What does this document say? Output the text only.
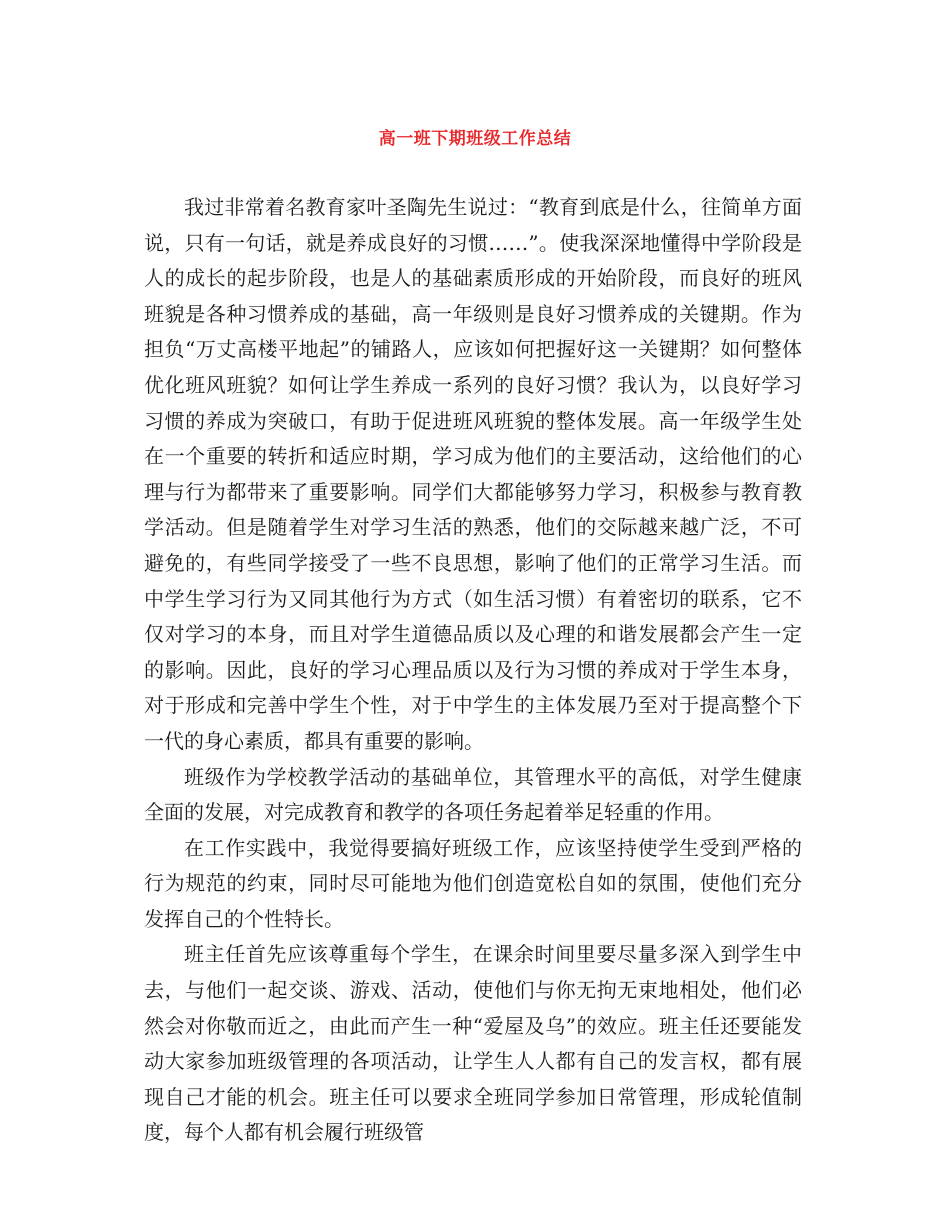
高一班下期班级工作总结

我过非常着名教育家叶圣陶先生说过：“教育到底是什么，往简单方面说，只有一句话，就是养成良好的习惯……”。使我深深地懂得中学阶段是人的成长的起步阶段，也是人的基础素质形成的开始阶段，而良好的班风班貌是各种习惯养成的基础，高一年级则是良好习惯养成的关键期。作为担负“万丈高楼平地起”的铺路人，应该如何把握好这一关键期？如何整体优化班风班貌？如何让学生养成一系列的良好习惯？我认为，以良好学习习惯的养成为突破口，有助于促进班风班貌的整体发展。高一年级学生处在一个重要的转折和适应时期，学习成为他们的主要活动，这给他们的心理与行为都带来了重要影响。同学们大都能够努力学习，积极参与教育教学活动。但是随着学生对学习生活的熟悉，他们的交际越来越广泛，不可避免的，有些同学接受了一些不良思想，影响了他们的正常学习生活。而中学生学习行为又同其他行为方式（如生活习惯）有着密切的联系，它不仅对学习的本身，而且对学生道德品质以及心理的和谐发展都会产生一定的影响。因此，良好的学习心理品质以及行为习惯的养成对于学生本身，对于形成和完善中学生个性，对于中学生的主体发展乃至对于提高整个下一代的身心素质，都具有重要的影响。

班级作为学校教学活动的基础单位，其管理水平的高低，对学生健康全面的发展，对完成教育和教学的各项任务起着举足轻重的作用。

在工作实践中，我觉得要搞好班级工作，应该坚持使学生受到严格的行为规范的约束，同时尽可能地为他们创造宽松自如的氛围，使他们充分发挥自己的个性特长。

班主任首先应该尊重每个学生，在课余时间里要尽量多深入到学生中去，与他们一起交谈、游戏、活动，使他们与你无拘无束地相处，他们必然会对你敬而近之，由此而产生一种“爱屋及乌”的效应。班主任还要能发动大家参加班级管理的各项活动，让学生人人都有自己的发言权，都有展现自己才能的机会。班主任可以要求全班同学参加日常管理，形成轮值制度，每个人都有机会履行班级管
